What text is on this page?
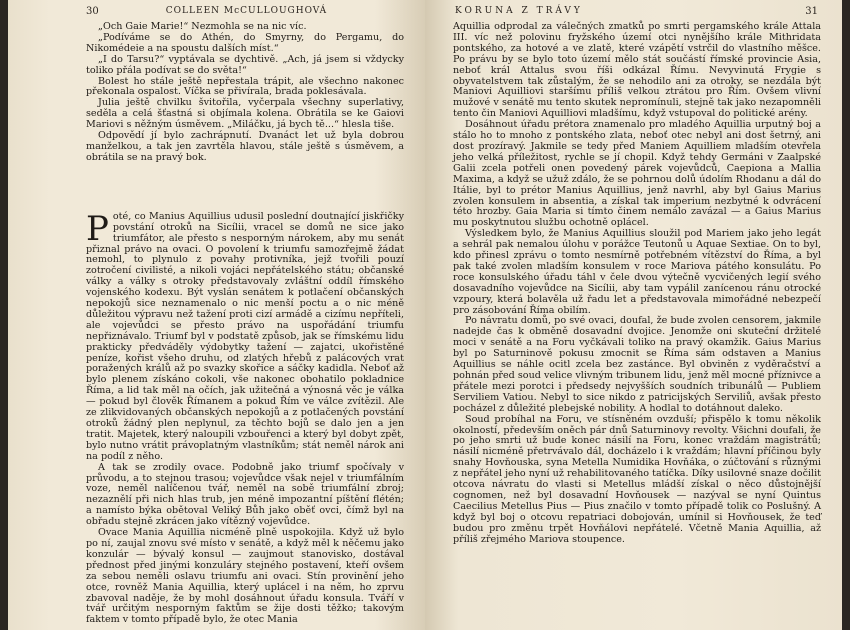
30	COLLEEN McCULLOUGHOVÁ

„Och Gaie Marie!“ Nezmohla se na nic víc.

„Podíváme se do Athén, do Smyrny, do Pergamu, do Nikomédeie a na spoustu dalších míst.“

„I do Tarsu?“ vyptávala se dychtivě. „Ach, já jsem si vždycky toliko přála podívat se do světa!“

Bolest ho stále ještě nepřestala trápit, ale všechno nakonec překonala ospalost. Víčka se přivírala, brada poklesávala.

Julia ještě chvilku švitořila, vyčerpala všechny superlativy, seděla a celá šťastná si objímala kolena. Obrátila se ke Gaiovi Mariovi s něžným úsměvem. „Miláčku, já bych tě...“ hlesla tiše.

Odpovědí jí bylo zachrápnutí. Dvanáct let už byla dobrou manželkou, a tak jen zavrtěla hlavou, stále ještě s úsměvem, a obrátila se na pravý bok.

Poté, co Manius Aquillius udusil poslední doutnající jiskřičky povstání otroků na Sicílii, vracel se domů ne sice jako triumfátor, ale přesto s nesporným nárokem, aby mu senát přiznal právo na ovaci. O povolení k triumfu samozřejmě žádat nemohl, to plynulo z povahy protivníka, jejž tvořili pouzí zotročení civilisté, a nikoli vojáci nepřátelského státu; občanské války a války s otroky představovaly zvláštní oddíl římského vojenského kodexu. Být vyslán senátem k potlačení občanských nepokojů sice neznamenalo o nic menší poctu a o nic méně důležitou výpravu než tažení proti cizí armádě a cizímu nepříteli, ale vojevůdci se přesto právo na uspořádání triumfu nepřiznávalo. Triumf byl v podstatě způsob, jak se římskému lidu prakticky předváděly výdobytky tažení — zajatci, ukořistěné peníze, kořist všeho druhu, od zlatých hřebů z palácových vrat poražených králů až po svazky skořice a sáčky kadidla. Neboť až bylo plenem získáno cokoli, vše nakonec obohatilo pokladnice Říma, a lid tak měl na očích, jak užitečná a výnosná věc je válka — pokud byl člověk Římanem a pokud Řím ve válce zvítězil. Ale ze zlikvidovaných občanských nepokojů a z potlačených povstání otroků žádný plen neplynul, za těchto bojů se dalo jen a jen tratit. Majetek, který naloupili vzbouřenci a který byl dobyt zpět, bylo nutno vrátit právoplatným vlastníkům; stát neměl nárok ani na podíl z něho.

A tak se zrodily ovace. Podobně jako triumf spočívaly v průvodu, a to stejnou trasou; vojevůdce však nejel v triumfálním voze, neměl nalíčenou tvář, neměl na sobě triumfální zbroj; nezaznělí při nich hlas trub, jen méně impozantní píštění flétén; a namísto býka obětoval Veliký Bůh jako oběť ovci, čímž byl na obřadu stejně zkrácen jako vítězný vojevůdce.

Ovace Mania Aquillia nicméně plně uspokojila. Když už bylo po ní, zaujal znovu své místo v senátě, a když měl k něčemu jako konzulár — bývalý konsul — zaujmout stanovisko, dostával přednost před jinými konzuláry stejného postavení, kteří ovšem za sebou neměli oslavu triumfu ani ovaci. Stín provinění jeho otce, rovněž Mania Aquillia, který uplácel i na něm, ho zprvu zbavoval naděje, že by mohl dosáhnout úřadu konsula. Tváří v tvář určitým nesporným faktům se žije dosti těžko; takovým faktem v tomto případě bylo, že otec Mania

KORUNA Z TRÁVY	31

Aquillia odprodal za válečných zmatků po smrti pergamského krále Attala III. víc než polovinu fryžského území otci nynějšího krále Mithridata pontského, za hotové a ve zlatě, které vzápětí vstrčil do vlastního měšce. Po právu by se bylo toto území mělo stát součástí římské provincie Asia, neboť král Attalus svou říši odkázal Římu. Nevyvinutá Frygie s obyvatelstvem tak zůstalým, že se nehodilo ani za otroky, se nezdála být Maniovi Aquilliovi staršímu příliš velkou ztrátou pro Řím. Ovšem vlivní mužové v senátě mu tento skutek nepromínuli, stejně tak jako nezapomněli tento čin Maniovi Aquilliovi mladšímu, když vstupoval do politické arény.

Dosáhnout úřadu prétora znamenalo pro mladého Aquillia urputný boj a stálo ho to mnoho z pontského zlata, neboť otec nebyl ani dost šetrný, ani dost prozíravý. Jakmile se tedy před Maniem Aquilliem mladším otevřela jeho velká příležitost, rychle se jí chopil. Když tehdy Germáni v Zaalpské Galii zcela potřeli onen povedený párek vojevůdců, Caepiona a Mallia Maxima, a když se užuž zdálo, že se pohrnou dolů údolím Rhodanu a dál do Itálie, byl to prétor Manius Aquillius, jenž navrhl, aby byl Gaius Marius zvolen konsulem in absentia, a získal tak imperium nezbytné k odvrácení této hrozby. Gaia Maria si tímto činem nemálo zavázal — a Gaius Marius mu poskytnutou službu ochotně oplácel.

Výsledkem bylo, že Manius Aquillius sloužil pod Mariem jako jeho legát a sehrál pak nemalou úlohu v porážce Teutonů u Aquae Sextiae. On to byl, kdo přinesl zprávu o tomto nesmírně potřebném vítězství do Říma, a byl pak také zvolen mladším konsulem v roce Mariova pátého konsulátu. Po roce konsulského úřadu táhl v čele dvou výtečně vycvičených legií svého dosavadního vojevůdce na Sicílii, aby tam vypálil zanícenou ránu otrocké vzpoury, která bolavěla už řadu let a představovala mimořádné nebezpečí pro zásobování Říma obilím.

Po návratu domů, po své ovaci, doufal, že bude zvolen censorem, jakmile nadejde čas k obměně dosavadní dvojice. Jenomže oni skuteční držitelé moci v senátě a na Foru vyčkávali toliko na pravý okamžik. Gaius Marius byl po Saturninově pokusu zmocnit se Říma sám odstaven a Manius Aquillius se náhle ocitl zcela bez zastánce. Byl obviněn z vyděračství a pohnán před soud velice vlivným tribunem lidu, jenž měl mocné příznivce a přátele mezi porotci i předsedy nejvyšších soudních tribunálů — Publiem Serviliem Vatiou. Nebyl to sice nikdo z patricijských Serviliů, avšak přesto pocházel z důležité plebejské nobility. A hodlal to dotáhnout daleko.

Soud probíhal na Foru, ve stísněném ovzduší; přispělo k tomu několik okolností, především oněch pár dnů Saturninovy revolty. Všichni doufali, že po jeho smrti už bude konec násilí na Foru, konec vraždám magistrátů; násilí nicméně přetrvávalo dál, docházelo i k vraždám; hlavní příčinou byly snahy Hovňouska, syna Metella Numidika Hovňáka, o zúčtování s různými z nepřátel jeho nyní už rehabilitovaného tatíčka. Díky usilovné snaze dočilit otcova návratu do vlasti si Metellus mládší získal o něco důstojnější cognomen, než byl dosavadní Hovňousek — nazýval se nyní Quintus Caecilius Metellus Pius — Pius značilo v tomto případě tolik co Poslušný. A když byl boj o otcovu repatriaci dobojován, umínil si Hovňousek, že teď budou pro změnu trpět Hovňálovi nepřátelé. Včetně Mania Aquillia, až příliš zřejmého Mariova stoupence.
